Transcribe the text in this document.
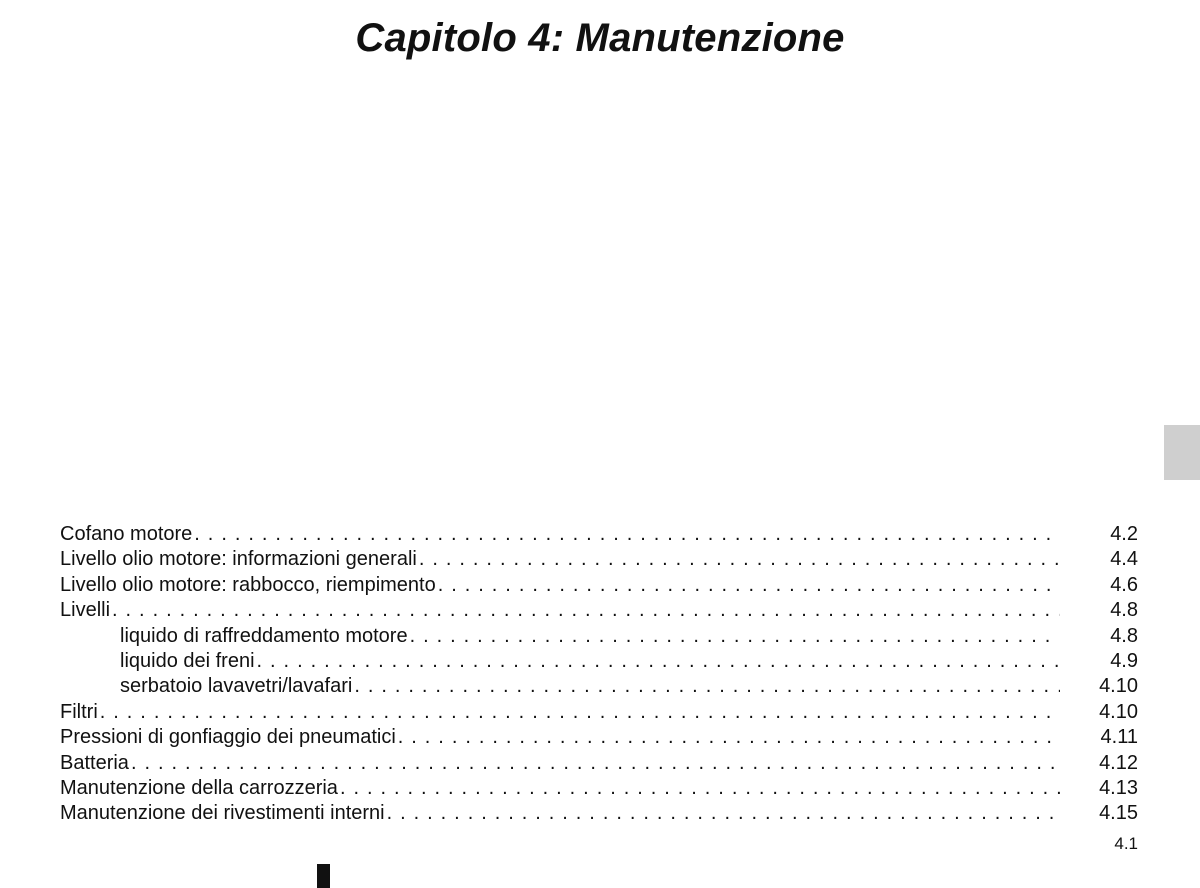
Capitolo 4: Manutenzione
Cofano motore . . .	4.2
Livello olio motore: informazioni generali . . .	4.4
Livello olio motore: rabbocco, riempimento . . .	4.6
Livelli . . .	4.8
liquido di raffreddamento motore . . .	4.8
liquido dei freni . . .	4.9
serbatoio lavavetri/lavafari . . .	4.10
Filtri . . .	4.10
Pressioni di gonfiaggio dei pneumatici . . .	4.11
Batteria . . .	4.12
Manutenzione della carrozzeria . . .	4.13
Manutenzione dei rivestimenti interni . . .	4.15
4.1
